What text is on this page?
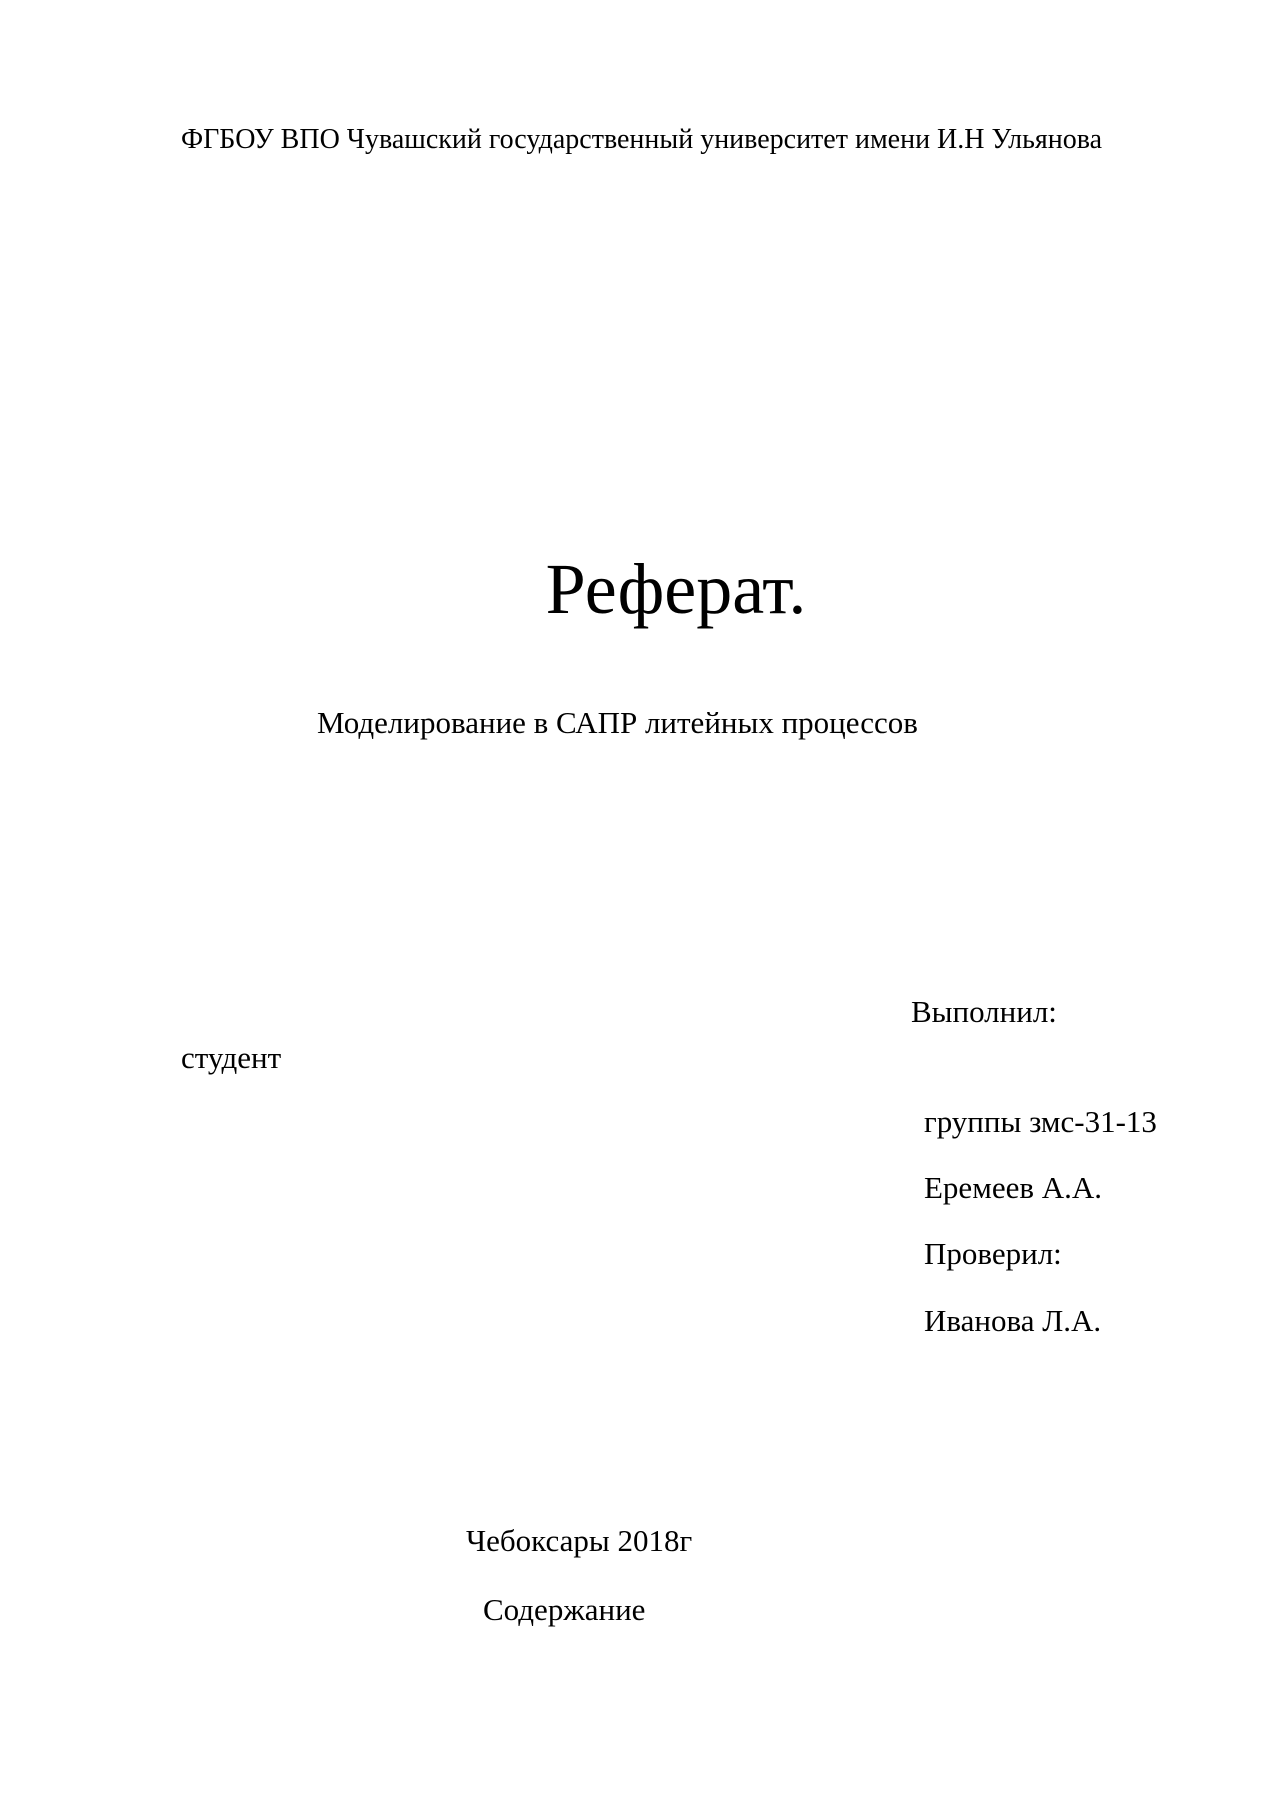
ФГБОУ ВПО Чувашский государственный университет имени И.Н Ульянова
Реферат.
Моделирование в САПР литейных процессов
Выполнил:
студент
группы змс-31-13
Еремеев А.А.
Проверил:
Иванова Л.А.
Чебоксары 2018г
Содержание
